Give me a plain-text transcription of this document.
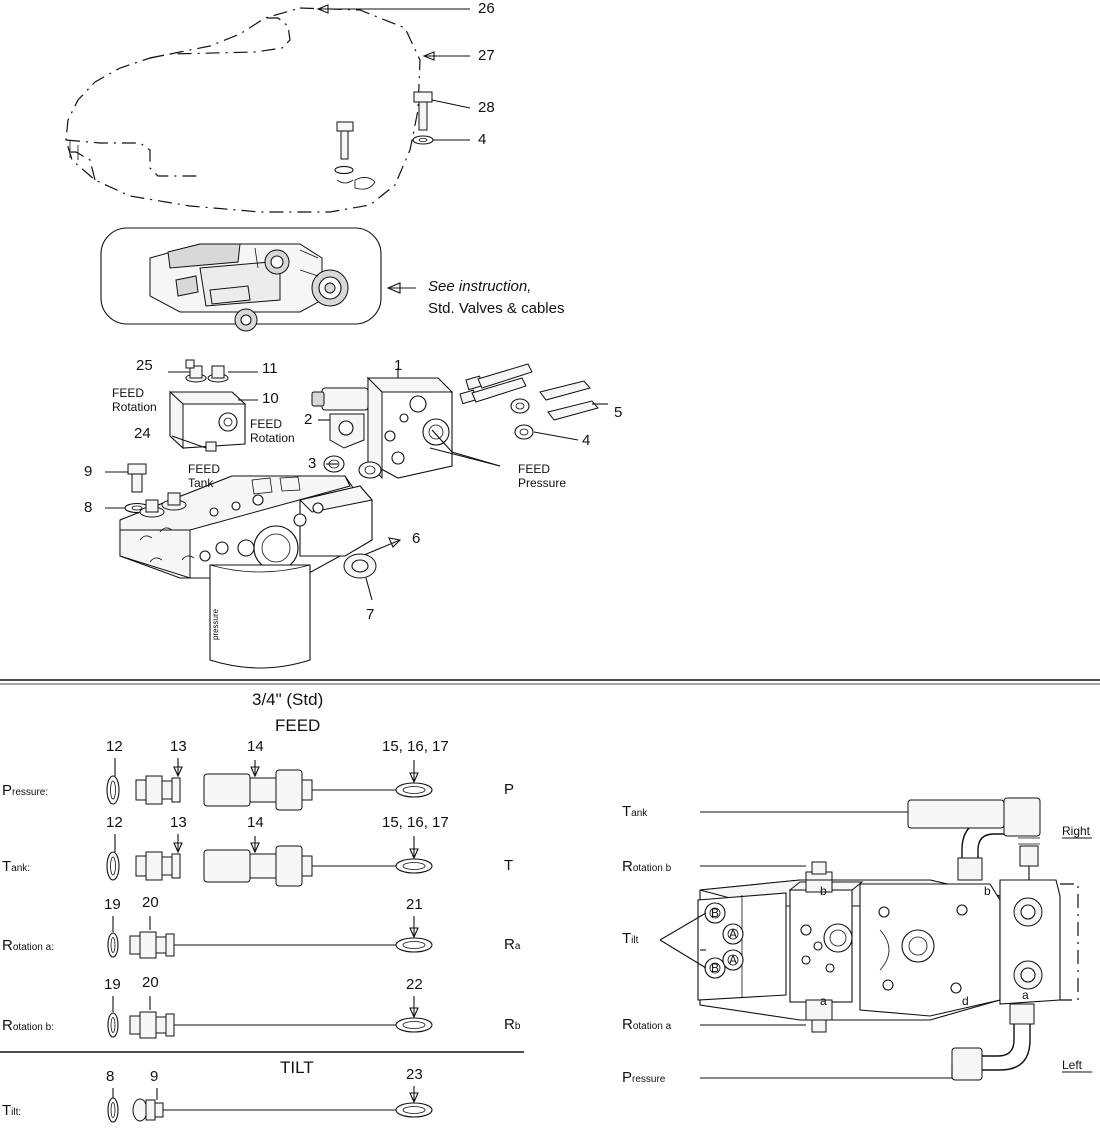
pressure
26
27
28
4
See instruction,
Std. Valves & cables
25	11
10
24
9
8
1
2
3
5
4
6
7
FEED
Rotation
FEED
Rotation
FEED
Tank
FEED
Pressure
3/4" (Std)
FEED
TILT
12	13	14	15, 16, 17
12	13	14	15, 16, 17
19 20	21
19 20	22
8 9	23
Pressure:
Tank:
Rotation a:
Rotation b:
Tilt:
P
T
Ra
Rb
Tank
Rotation b
Tilt
Rotation a
Pressure
Right
Left
b	b
a	a
d
B
A
B
A
